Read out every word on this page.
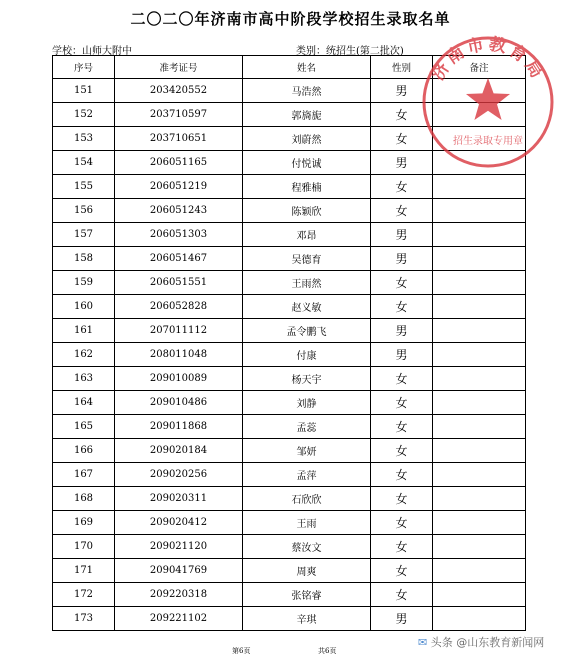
二〇二〇年济南市高中阶段学校招生录取名单
学校：山师大附中	类别：统招生(第二批次)
序号	准考证号	姓名	性别	备注
151	203420552	马浩然	男	
152	203710597	郭旖旎	女	
153	203710651	刘蔚然	女	
154	206051165	付悦诚	男	
155	206051219	程雅楠	女	
156	206051243	陈颖欣	女	
157	206051303	邓昂	男	
158	206051467	吴德育	男	
159	206051551	王雨然	女	
160	206052828	赵义敏	女	
161	207011112	孟令鹏飞	男	
162	208011048	付康	男	
163	209010089	杨天宇	女	
164	209010486	刘静	女	
165	209011868	孟蕊	女	
166	209020184	邹妍	女	
167	209020256	孟萍	女	
168	209020311	石欣欣	女	
169	209020412	王雨	女	
170	209021120	蔡汝文	女	
171	209041769	周爽	女	
172	209220318	张铭睿	女	
173	209221102	辛琪	男	
济南市教育局
招生录取专用章
第6页	共6页
✉ 头条 @山东教育新闻网
